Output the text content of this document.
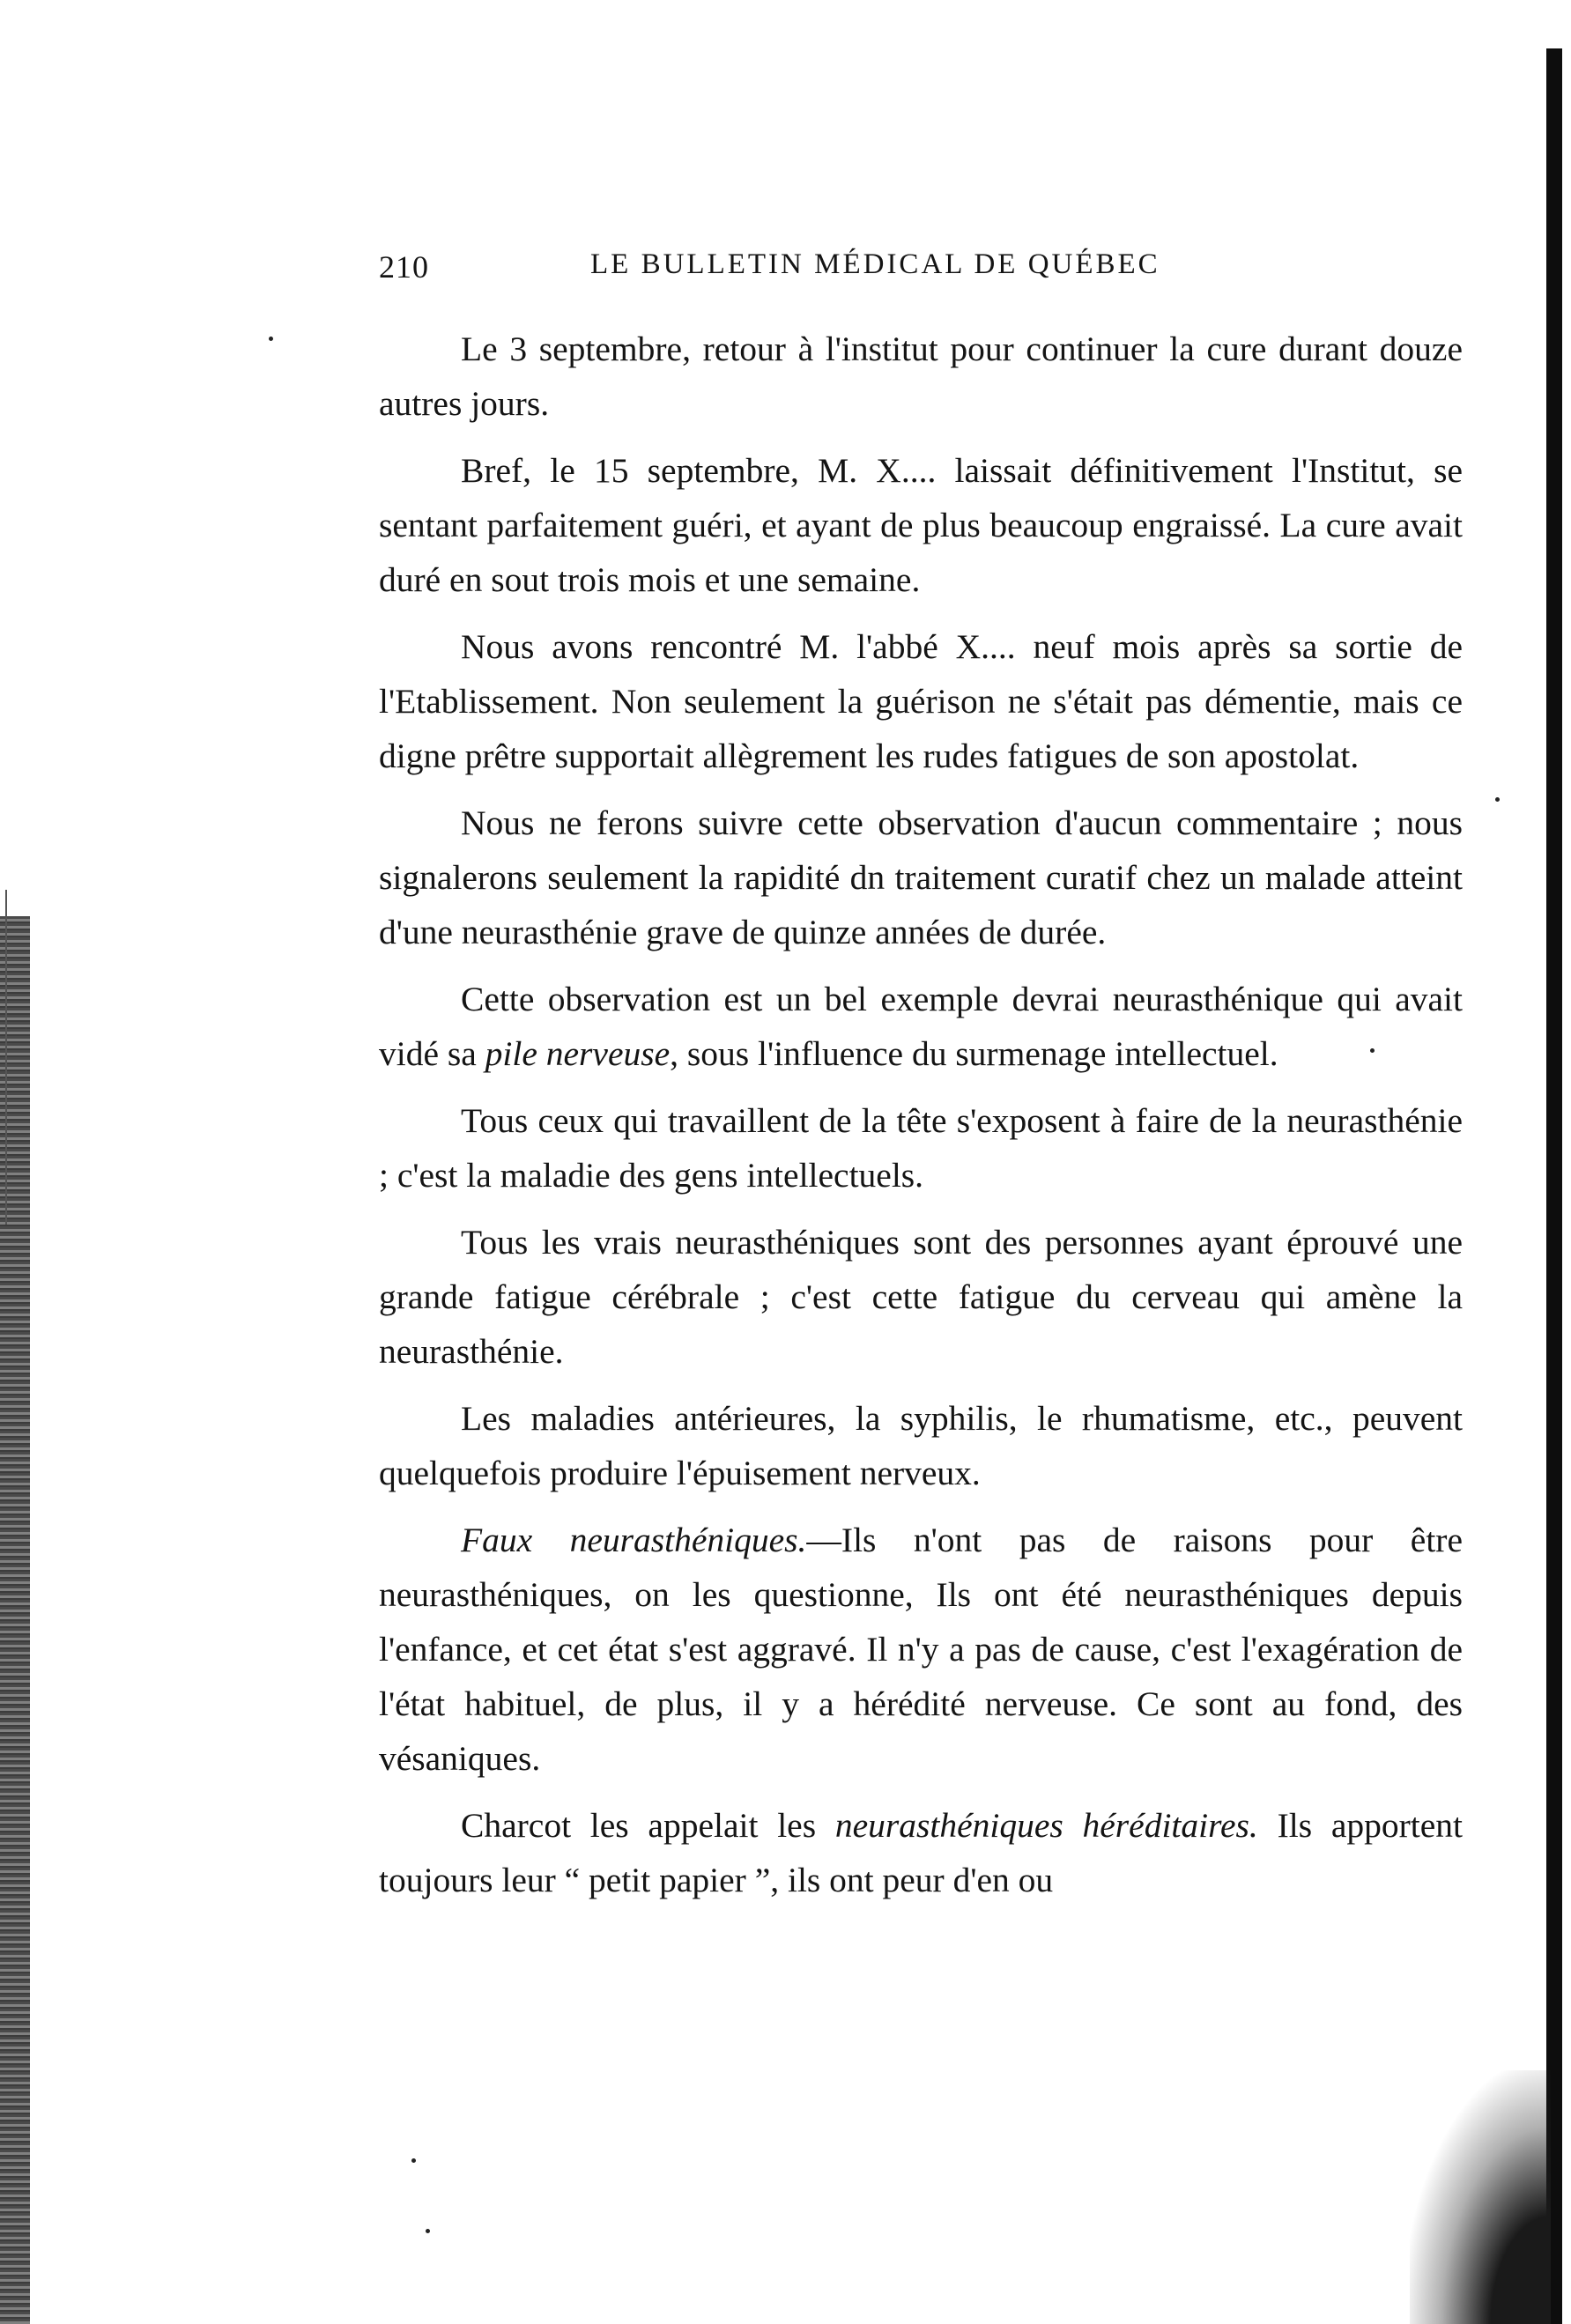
210	LE BULLETIN MÉDICAL DE QUÉBEC

Le 3 septembre, retour à l'institut pour continuer la cure durant douze autres jours.

Bref, le 15 septembre, M. X.... laissait définitivement l'Institut, se sentant parfaitement guéri, et ayant de plus beaucoup engraissé. La cure avait duré en sout trois mois et une semaine.

Nous avons rencontré M. l'abbé X.... neuf mois après sa sortie de l'Etablissement. Non seulement la guérison ne s'était pas démentie, mais ce digne prêtre supportait allègrement les rudes fatigues de son apostolat.

Nous ne ferons suivre cette observation d'aucun commentaire ; nous signalerons seulement la rapidité dn traitement curatif chez un malade atteint d'une neurasthénie grave de quinze années de durée.

Cette observation est un bel exemple devrai neurasthénique qui avait vidé sa pile nerveuse, sous l'influence du surmenage intellectuel.

Tous ceux qui travaillent de la tête s'exposent à faire de la neurasthénie ; c'est la maladie des gens intellectuels.

Tous les vrais neurasthéniques sont des personnes ayant éprouvé une grande fatigue cérébrale ; c'est cette fatigue du cerveau qui amène la neurasthénie.

Les maladies antérieures, la syphilis, le rhumatisme, etc., peuvent quelquefois produire l'épuisement nerveux.

Faux neurasthéniques.—Ils n'ont pas de raisons pour être neurasthéniques, on les questionne, Ils ont été neurasthéniques depuis l'enfance, et cet état s'est aggravé. Il n'y a pas de cause, c'est l'exagération de l'état habituel, de plus, il y a hérédité nerveuse. Ce sont au fond, des vésaniques.

Charcot les appelait les neurasthéniques héréditaires. Ils apportent toujours leur “ petit papier ”, ils ont peur d'en ou
